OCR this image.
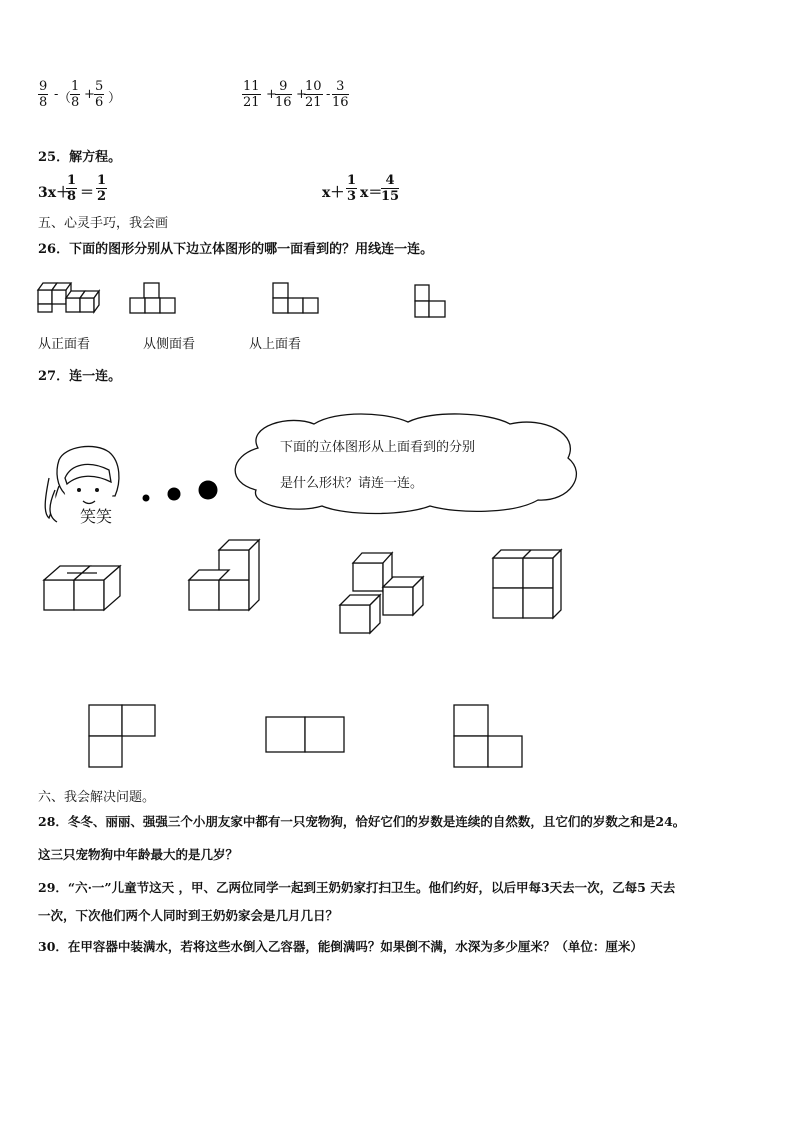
$\frac{9}{8}$ - （
$\frac{1}{8} + \frac{5}{6}$ ）	$\frac{11}{21}$ +
$\frac{9}{16}$ +
$\frac{10}{21} - \frac{3}{16}$
25．解方程。
3x＋
$\frac{1}{8} = \frac{1}{2}$	$x+ \frac{1}{3} x=$
$\frac{4}{15}$
五、心灵手巧，我会画
26．下面的图形分别从下边立体图形的哪一面看到的？用线连一连。
从正面看	从侧面看	从上面看
27．连一连。
笑笑
下面的立体图形从上面看到的分别
是什么形状？请连一连。
六、我会解决问题。
28．冬冬、丽丽、强强三个小朋友家中都有一只宠物狗，恰好它们的岁数是连续的自然数，且它们的岁数之和是24。
这三只宠物狗中年龄最大的是几岁？
29．“六·一”儿童节这天 ，甲、乙两位同学一起到王奶奶家打扫卫生。他们约好，以后甲每3天去一次，乙每5 天去
一次，下次他们两个人同时到王奶奶家会是几月几日？
30．在甲容器中装满水，若将这些水倒入乙容器，能倒满吗？如果倒不满，水深为多少厘米？（单位：厘米）
